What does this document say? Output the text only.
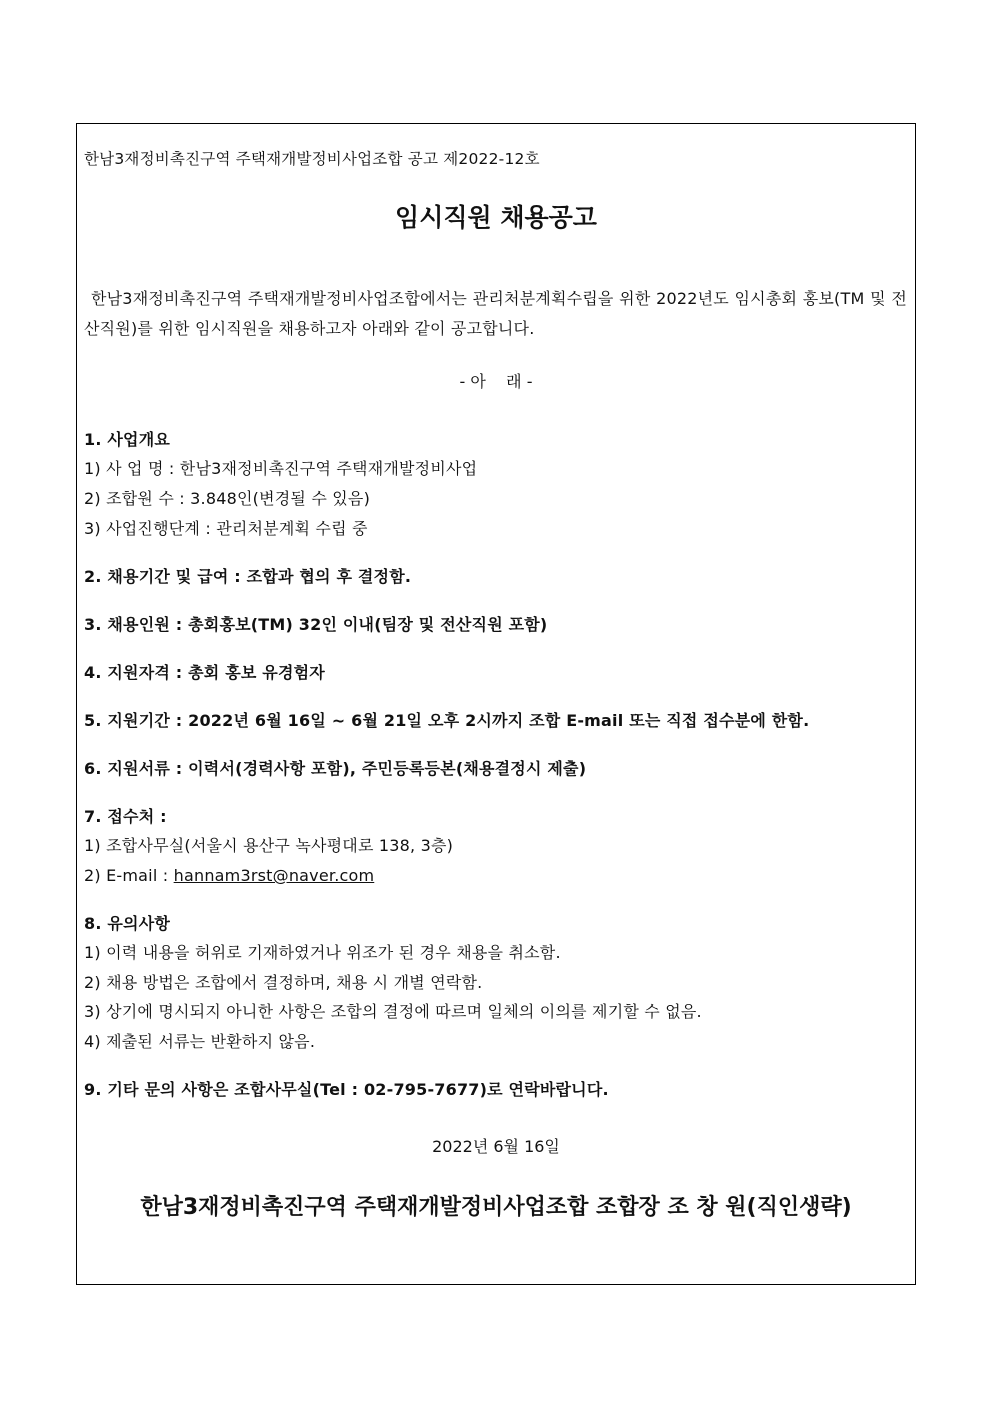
한남3재정비촉진구역 주택재개발정비사업조합 공고 제2022-12호
임시직원 채용공고
한남3재정비촉진구역 주택재개발정비사업조합에서는 관리처분계획수립을 위한 2022년도 임시총회 홍보(TM 및 전산직원)를 위한 임시직원을 채용하고자 아래와 같이 공고합니다.
- 아    래 -
1. 사업개요
1) 사 업 명 : 한남3재정비촉진구역 주택재개발정비사업
2) 조합원 수 : 3.848인(변경될 수 있음)
3) 사업진행단계 : 관리처분계획 수립 중
2. 채용기간 및 급여 : 조합과 협의 후 결정함.
3. 채용인원 : 총회홍보(TM) 32인 이내(팀장 및 전산직원 포함)
4. 지원자격 : 총회 홍보 유경험자
5. 지원기간 : 2022년 6월 16일 ~ 6월 21일 오후 2시까지 조합 E-mail 또는 직접 접수분에 한함.
6. 지원서류 : 이력서(경력사항 포함), 주민등록등본(채용결정시 제출)
7. 접수처 :
1) 조합사무실(서울시 용산구 녹사평대로 138, 3층)
2) E-mail : hannam3rst@naver.com
8. 유의사항
1) 이력 내용을 허위로 기재하였거나 위조가 된 경우 채용을 취소함.
2) 채용 방법은 조합에서 결정하며, 채용 시 개별 연락함.
3) 상기에 명시되지 아니한 사항은 조합의 결정에 따르며 일체의 이의를 제기할 수 없음.
4) 제출된 서류는 반환하지 않음.
9. 기타 문의 사항은 조합사무실(Tel : 02-795-7677)로 연락바랍니다.
2022년 6월 16일
한남3재정비촉진구역 주택재개발정비사업조합 조합장 조 창 원(직인생략)
